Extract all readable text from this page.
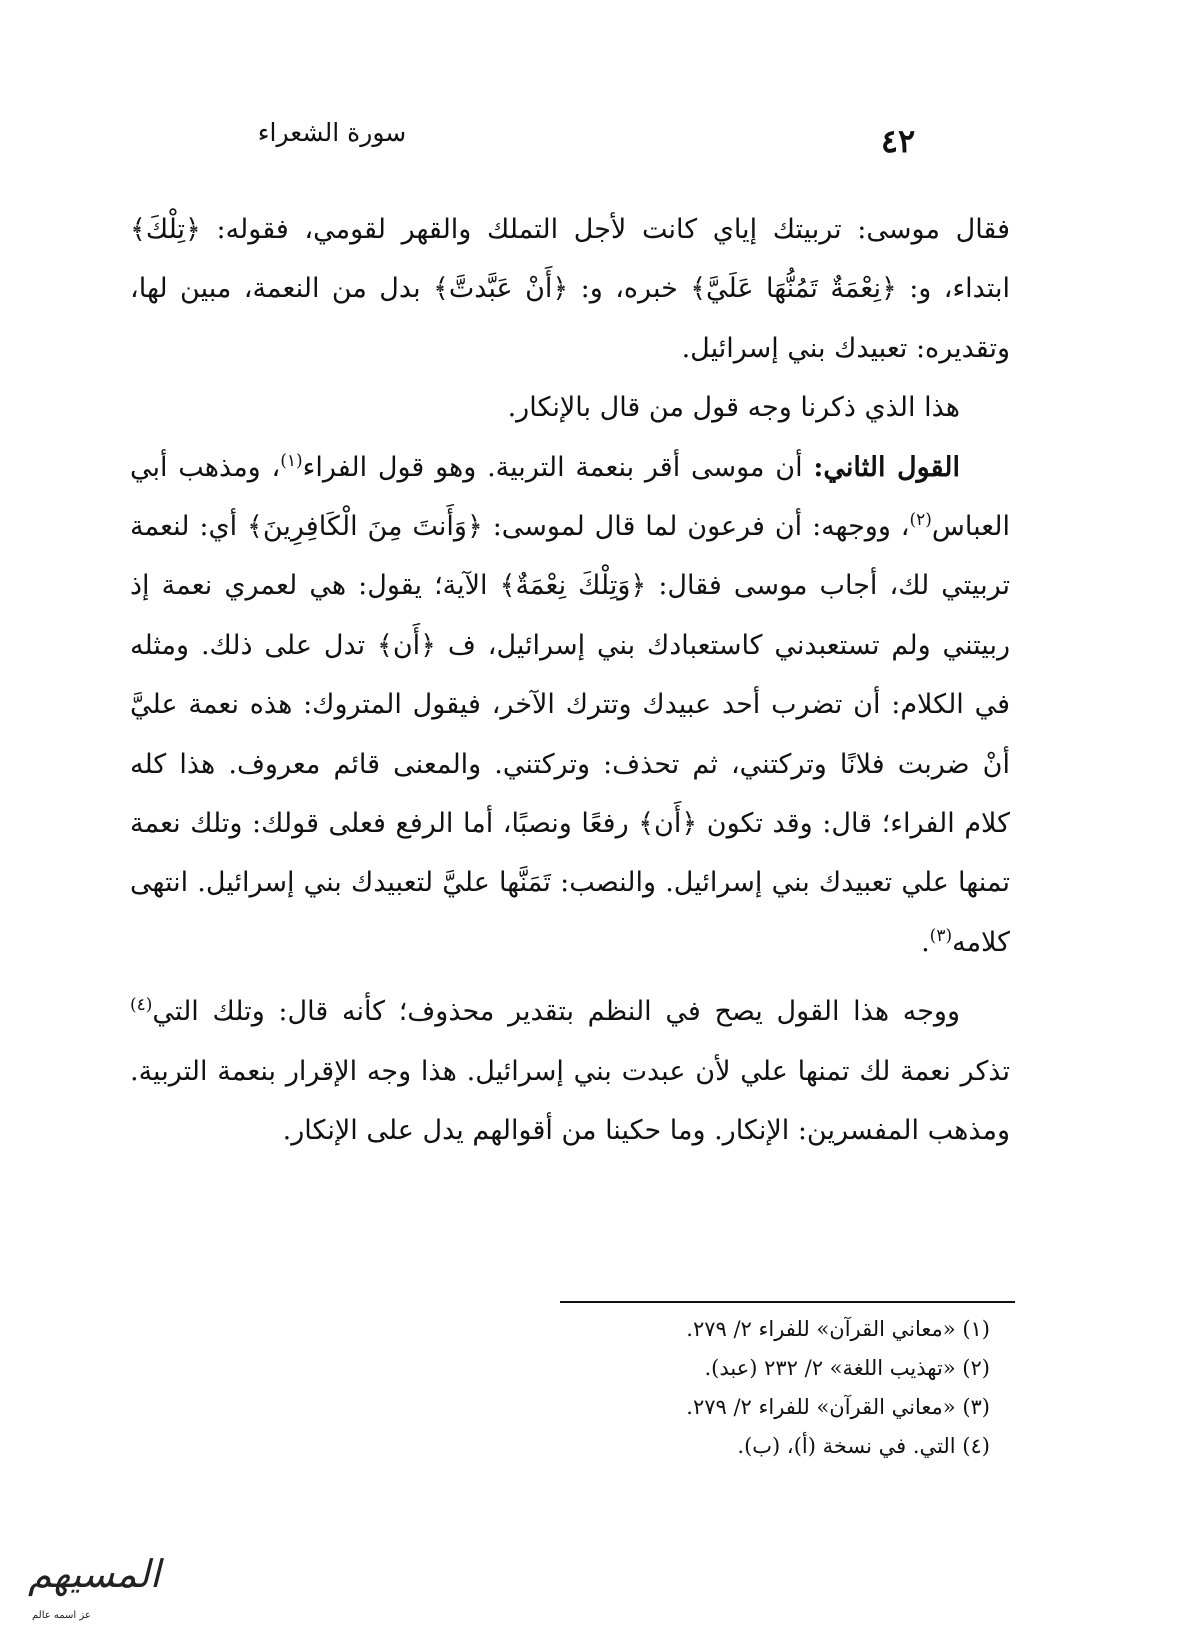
سورة الشعراء	٤٢

فقال موسى: تربيتك إياي كانت لأجل التملك والقهر لقومي، فقوله: ﴿تِلْكَ﴾ ابتداء، و: ﴿نِعْمَةٌ تَمُنُّهَا عَلَيَّ﴾ خبره، و: ﴿أَنْ عَبَّدتَّ﴾ بدل من النعمة، مبين لها، وتقديره: تعبيدك بني إسرائيل.

هذا الذي ذكرنا وجه قول من قال بالإنكار.

القول الثاني: أن موسى أقر بنعمة التربية. وهو قول الفراء$^{(١)}$، ومذهب أبي العباس$^{(٢)}$، ووجهه: أن فرعون لما قال لموسى: ﴿وَأَنتَ مِنَ الْكَافِرِينَ﴾ أي: لنعمة تربيتي لك، أجاب موسى فقال: ﴿وَتِلْكَ نِعْمَةٌ﴾ الآية؛ يقول: هي لعمري نعمة إذ ربيتني ولم تستعبدني كاستعبادك بني إسرائيل، ف ﴿أَن﴾ تدل على ذلك. ومثله في الكلام: أن تضرب أحد عبيدك وتترك الآخر، فيقول المتروك: هذه نعمة عليَّ أنْ ضربت فلانًا وتركتني، ثم تحذف: وتركتني. والمعنى قائم معروف. هذا كله كلام الفراء؛ قال: وقد تكون ﴿أَن﴾ رفعًا ونصبًا، أما الرفع فعلى قولك: وتلك نعمة تمنها علي تعبيدك بني إسرائيل. والنصب: تَمَنَّها عليَّ لتعبيدك بني إسرائيل. انتهى كلامه$^{(٣)}$.

ووجه هذا القول يصح في النظم بتقدير محذوف؛ كأنه قال: وتلك التي$^{(٤)}$ تذكر نعمة لك تمنها علي لأن عبدت بني إسرائيل. هذا وجه الإقرار بنعمة التربية. ومذهب المفسرين: الإنكار. وما حكينا من أقوالهم يدل على الإنكار.

(١) «معاني القرآن» للفراء ٢/ ٢٧٩.
(٢) «تهذيب اللغة» ٢/ ٢٣٢ (عبد).
(٣) «معاني القرآن» للفراء ٢/ ٢٧٩.
(٤) التي. في نسخة (أ)، (ب).
المسيهم
عز اسمه عالم
